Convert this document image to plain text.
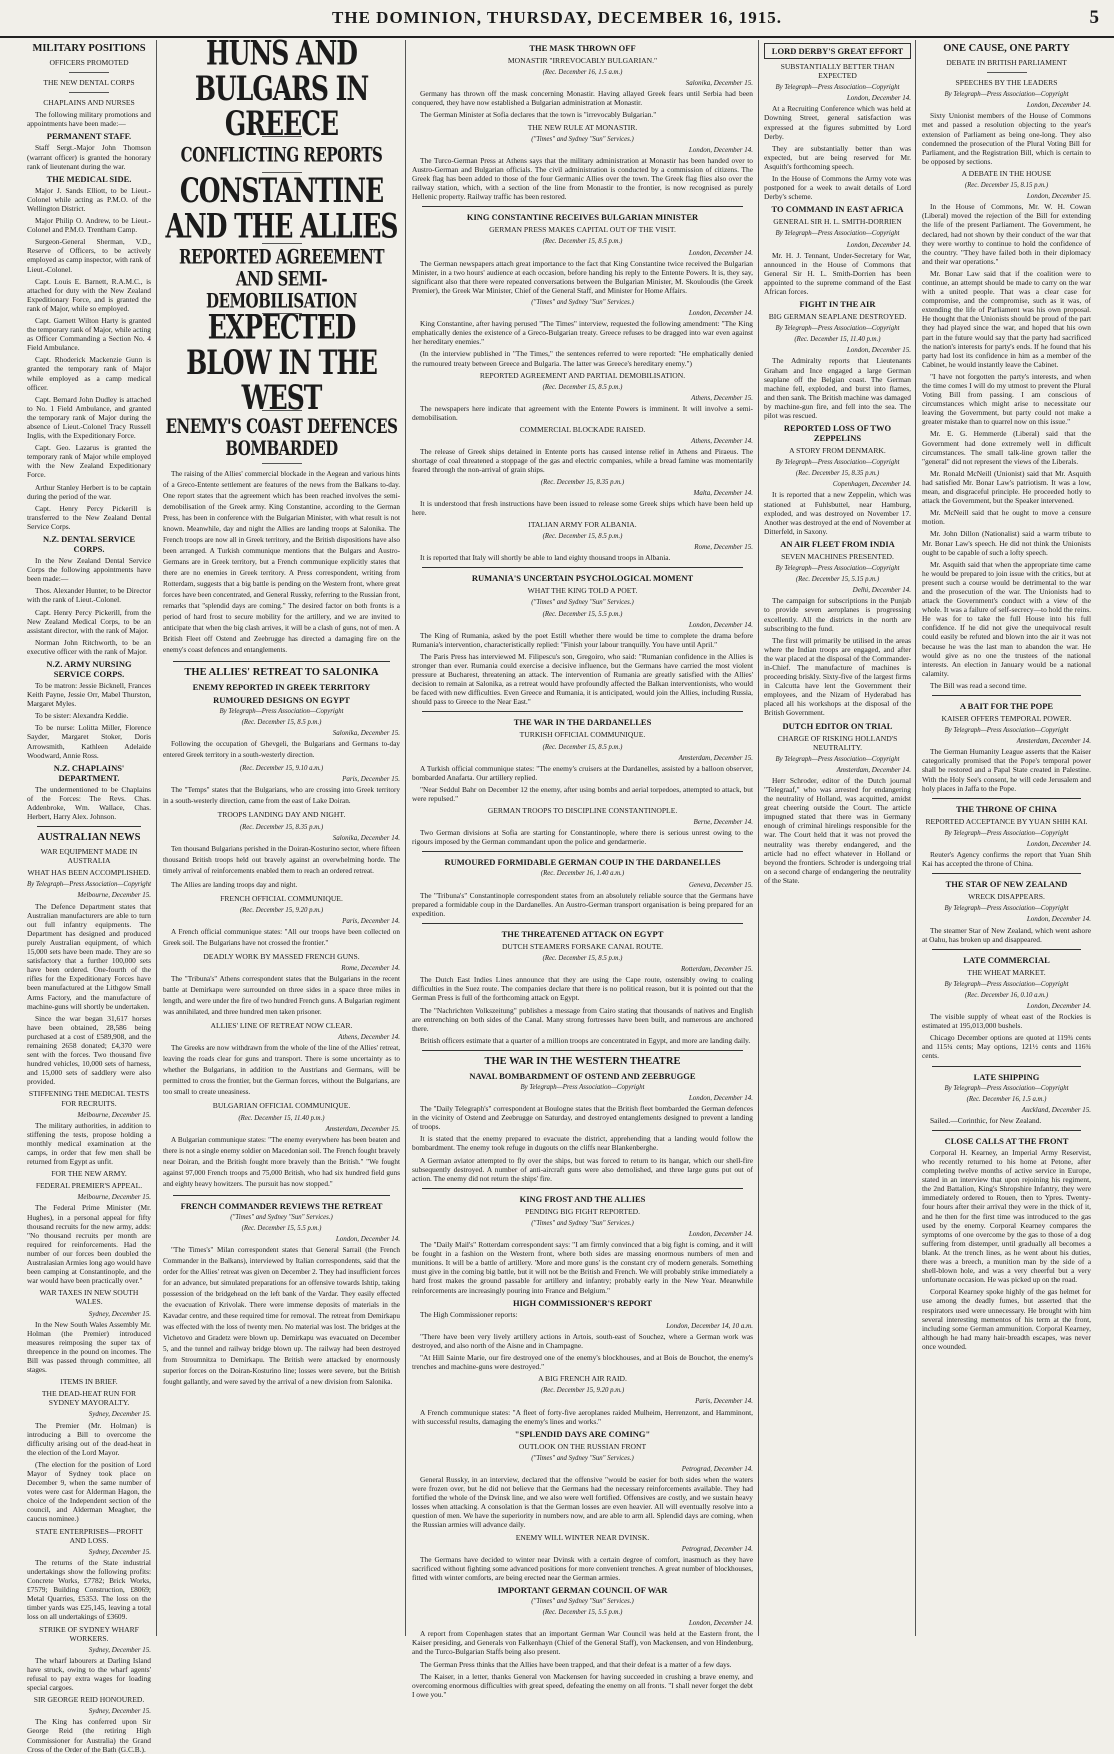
THE DOMINION, THURSDAY, DECEMBER 16, 1915.	5
MILITARY POSITIONS
OFFICERS PROMOTED
THE NEW DENTAL CORPS
CHAPLAINS AND NURSES

The following military promotions and appointments have been made:—

PERMANENT STAFF.

Staff Sergt.-Major John Thomson (warrant officer) is granted the honorary rank of lieutenant during the war.

THE MEDICAL SIDE.

Major J. Sands Elliott, to be Lieut.-Colonel while acting as P.M.O. of the Wellington District.

Major Philip O. Andrew, to be Lieut.-Colonel and P.M.O. Trentham Camp.

Surgeon-General Sherman, V.D., Reserve of Officers, to be actively employed as camp inspector, with rank of Lieut.-Colonel.

Capt. Louis E. Barnett, R.A.M.C., is attached for duty with the New Zealand Expeditionary Force, and is granted the rank of Major, while so employed.

Capt. Garnett Wilton Harty is granted the temporary rank of Major, while acting as Officer Commanding a Section No. 4 Field Ambulance.

Capt. Rhoderick Mackenzie Gunn is granted the temporary rank of Major while employed as a camp medical officer.

Capt. Bernard John Dudley is attached to No. 1 Field Ambulance, and granted the temporary rank of Major during the absence of Lieut.-Colonel Tracy Russell Inglis, with the Expeditionary Force.

Capt. Geo. Lazarus is granted the temporary rank of Major while employed with the New Zealand Expeditionary Force.

Arthur Stanley Herbert is to be captain during the period of the war.

Capt. Henry Percy Pickerill is transferred to the New Zealand Dental Service Corps.

N.Z. DENTAL SERVICE CORPS.

In the New Zealand Dental Service Corps the following appointments have been made:—

Thos. Alexander Hunter, to be Director with the rank of Lieut.-Colonel.

Capt. Henry Percy Pickerill, from the New Zealand Medical Corps, to be an assistant director, with the rank of Major.

Norman John Ritchworth, to be an executive officer with the rank of Major.

N.Z. ARMY NURSING SERVICE CORPS.

To be matron: Jessie Bicknell, Frances Keith Payne, Jessie Orr, Mabel Thurston, Margaret Myles.

To be sister: Alexandra Keddie.

To be nurse: Lolitta Miller, Florence Sayder, Margaret Stoker, Doris Arrowsmith, Kathleen Adelaide Woodward, Annie Ross.

N.Z. CHAPLAINS' DEPARTMENT.

The undermentioned to be Chaplains of the Forces: The Revs. Chas. Addenbroke, Wm. Wallace, Chas. Herbert, Harry Alex. Johnson.

AUSTRALIAN NEWS
WAR EQUIPMENT MADE IN AUSTRALIA
WHAT HAS BEEN ACCOMPLISHED.
By Telegraph—Press Association—Copyright
Melbourne, December 15.

The Defence Department states that Australian manufacturers are able to turn out full infantry equipments. The Department has designed and produced purely Australian equipment, of which 15,000 sets have been made. They are so satisfactory that a further 100,000 sets have been ordered. One-fourth of the rifles for the Expeditionary Forces have been manufactured at the Lithgow Small Arms Factory, and the manufacture of machine-guns will shortly be undertaken.

Since the war began 31,617 horses have been obtained, 28,586 being purchased at a cost of £589,908, and the remaining 2658 donated; £4,370 were sent with the forces. Two thousand five hundred vehicles, 10,000 sets of harness, and 15,000 sets of saddlery were also provided.

STIFFENING THE MEDICAL TESTS FOR RECRUITS.
Melbourne, December 15.

The military authorities, in addition to stiffening the tests, propose holding a monthly medical examination at the camps, in order that few men shall be returned from Egypt as unfit.

FOR THE NEW ARMY.
FEDERAL PREMIER'S APPEAL.
Melbourne, December 15.

The Federal Prime Minister (Mr. Hughes), in a personal appeal for fifty thousand recruits for the new army, adds: "No thousand recruits per month are required for reinforcements. Had the number of our forces been doubled the Australasian Armies long ago would have been camping at Constantinople, and the war would have been practically over."

WAR TAXES IN NEW SOUTH WALES.
Sydney, December 15.

In the New South Wales Assembly Mr. Holman (the Premier) introduced measures reimposing the super tax of threepence in the pound on incomes. The Bill was passed through committee, all stages.

ITEMS IN BRIEF.
THE DEAD-HEAT RUN FOR SYDNEY MAYORALTY.
Sydney, December 15.

The Premier (Mr. Holman) is introducing a Bill to overcome the difficulty arising out of the dead-heat in the election of the Lord Mayor.

(The election for the position of Lord Mayor of Sydney took place on December 9, when the same number of votes were cast for Alderman Hagon, the choice of the Independent section of the council, and Alderman Meagher, the caucus nominee.)

STATE ENTERPRISES—PROFIT AND LOSS.
Sydney, December 15.

The returns of the State industrial undertakings show the following profits: Concrete Works, £7782; Brick Works, £7579; Building Construction, £8069; Metal Quarries, £5353. The loss on the timber yards was £25,145, leaving a total loss on all undertakings of £3609.

STRIKE OF SYDNEY WHARF WORKERS.
Sydney, December 15.

The wharf labourers at Darling Island have struck, owing to the wharf agents' refusal to pay extra wages for loading special cargoes.

SIR GEORGE REID HONOURED.
Sydney, December 15.

The King has conferred upon Sir George Reid (the retiring High Commissioner for Australia) the Grand Cross of the Order of the Bath (G.C.B.).

HUNS AND BULGARS IN GREECE
CONFLICTING REPORTS
CONSTANTINE AND THE ALLIES
REPORTED AGREEMENT AND SEMI-DEMOBILISATION
EXPECTED BLOW IN THE WEST
ENEMY'S COAST DEFENCES BOMBARDED

The raising of the Allies' commercial blockade in the Aegean and various hints of a Greco-Entente settlement are features of the news from the Balkans to-day. One report states that the agreement which has been reached involves the semi-demobilisation of the Greek army. King Constantine, according to the German Press, has been in conference with the Bulgarian Minister, with what result is not known. Meanwhile, day and night the Allies are landing troops at Salonika. The French troops are now all in Greek territory, and the British dispositions have also been arranged. A Turkish communique mentions that the Bulgars and Austro-Germans are in Greek territory, but a French communique explicitly states that there are no enemies in Greek territory. A Press correspondent, writing from Rotterdam, suggests that a big battle is pending on the Western front, where great forces have been concentrated, and General Russky, referring to the Russian front, remarks that "splendid days are coming." The desired factor on both fronts is a period of hard frost to secure mobility for the artillery, and we are invited to anticipate that when the big clash arrives, it will be a clash of guns, not of men. A British Fleet off Ostend and Zeebrugge has directed a damaging fire on the enemy's coast defences and entanglements.

THE ALLIES' RETREAT TO SALONIKA
ENEMY REPORTED IN GREEK TERRITORY
RUMOURED DESIGNS ON EGYPT
By Telegraph—Press Association—Copyright
(Rec. December 15, 8.5 p.m.)
Salonika, December 15.

Following the occupation of Ghevgeli, the Bulgarians and Germans to-day entered Greek territory in a south-westerly direction.

(Rec. December 15, 9.10 a.m.)
Paris, December 15.

The "Temps" states that the Bulgarians, who are crossing into Greek territory in a south-westerly direction, came from the east of Lake Doiran.

TROOPS LANDING DAY AND NIGHT.
(Rec. December 15, 8.35 p.m.)
Salonika, December 14.

Ten thousand Bulgarians perished in the Doiran-Kosturino sector, where fifteen thousand British troops held out bravely against an overwhelming horde. The timely arrival of reinforcements enabled them to reach an ordered retreat.

The Allies are landing troops day and night.

FRENCH OFFICIAL COMMUNIQUE.
(Rec. December 15, 9.20 p.m.)
Paris, December 14.

A French official communique states: "All our troops have been collected on Greek soil. The Bulgarians have not crossed the frontier."

DEADLY WORK BY MASSED FRENCH GUNS.
Rome, December 14.

The "Tribuna's" Athens correspondent states that the Bulgarians in the recent battle at Demirkapu were surrounded on three sides in a space three miles in length, and were under the fire of two hundred French guns. A Bulgarian regiment was annihilated, and three hundred men taken prisoner.

ALLIES' LINE OF RETREAT NOW CLEAR.
Athens, December 14.

The Greeks are now withdrawn from the whole of the line of the Allies' retreat, leaving the roads clear for guns and transport. There is some uncertainty as to whether the Bulgarians, in addition to the Austrians and Germans, will be permitted to cross the frontier, but the German forces, without the Bulgarians, are too small to create uneasiness.

BULGARIAN OFFICIAL COMMUNIQUE.
(Rec. December 15, 11.40 p.m.)
Amsterdam, December 15.

A Bulgarian communique states: "The enemy everywhere has been beaten and there is not a single enemy soldier on Macedonian soil. The French fought bravely near Doiran, and the British fought more bravely than the British." "We fought against 97,000 French troops and 75,000 British, who had six hundred field guns and eighty heavy howitzers. The pursuit has now stopped."

FRENCH COMMANDER REVIEWS THE RETREAT
("Times" and Sydney "Sun" Services.)
(Rec. December 15, 5.5 p.m.)
London, December 14.

"The Times's" Milan correspondent states that General Sarrail (the French Commander in the Balkans), interviewed by Italian correspondents, said that the order for the Allies' retreat was given on December 2. They had insufficient forces for an advance, but simulated preparations for an offensive towards Ishtip, taking possession of the bridgehead on the left bank of the Vardar. They easily effected the evacuation of Krivolak. There were immense deposits of materials in the Kavadar centre, and these required time for removal. The retreat from Demirkapu was effected with the loss of twenty men. No material was lost. The bridges at the Vichetovo and Gradetz were blown up. Demirkapu was evacuated on December 5, and the tunnel and railway bridge blown up. The railway had been destroyed from Stroumnitza to Demirkapu. The British were attacked by enormously superior forces on the Doiran-Kosturino line; losses were severe, but the British fought gallantly, and were saved by the arrival of a new division from Salonika.

THE MASK THROWN OFF
MONASTIR "IRREVOCABLY BULGARIAN."
(Rec. December 16, 1.5 a.m.)
Salonika, December 15.

Germany has thrown off the mask concerning Monastir. Having allayed Greek fears until Serbia had been conquered, they have now established a Bulgarian administration at Monastir.

The German Minister at Sofia declares that the town is "irrevocably Bulgarian."

THE NEW RULE AT MONASTIR.
("Times" and Sydney "Sun" Services.)
London, December 14.

The Turco-German Press at Athens says that the military administration at Monastir has been handed over to Austro-German and Bulgarian officials. The civil administration is conducted by a commission of citizens. The Greek flag has been added to those of the four Germanic Allies over the town. The Greek flag flies also over the railway station, which, with a section of the line from Monastir to the frontier, is now recognised as purely Hellenic property. Railway traffic has been restored.

KING CONSTANTINE RECEIVES BULGARIAN MINISTER
GERMAN PRESS MAKES CAPITAL OUT OF THE VISIT.
(Rec. December 15, 8.5 p.m.)
London, December 14.

The German newspapers attach great importance to the fact that King Constantine twice received the Bulgarian Minister, in a two hours' audience at each occasion, before handing his reply to the Entente Powers. It is, they say, significant also that there were repeated conversations between the Bulgarian Minister, M. Skouloudis (the Greek Premier), the Greek War Minister, Chief of the General Staff, and Minister for Home Affairs.

("Times" and Sydney "Sun" Services.)
London, December 14.

King Constantine, after having perused "The Times" interview, requested the following amendment: "The King emphatically denies the existence of a Greco-Bulgarian treaty. Greece refuses to be dragged into war even against her hereditary enemies."

(In the interview published in "The Times," the sentences referred to were reported: "He emphatically denied the rumoured treaty between Greece and Bulgaria. The latter was Greece's hereditary enemy.")

REPORTED AGREEMENT AND PARTIAL DEMOBILISATION.
(Rec. December 15, 8.5 p.m.)
Athens, December 15.

The newspapers here indicate that agreement with the Entente Powers is imminent. It will involve a semi-demobilisation.

COMMERCIAL BLOCKADE RAISED.
Athens, December 14.

The release of Greek ships detained in Entente ports has caused intense relief in Athens and Piraeus. The shortage of coal threatened a stoppage of the gas and electric companies, while a bread famine was momentarily feared through the non-arrival of grain ships.

(Rec. December 15, 8.35 p.m.)
Malta, December 14.

It is understood that fresh instructions have been issued to release some Greek ships which have been held up here.

ITALIAN ARMY FOR ALBANIA.
(Rec. December 15, 8.5 p.m.)
Rome, December 15.

It is reported that Italy will shortly be able to land eighty thousand troops in Albania.

RUMANIA'S UNCERTAIN PSYCHOLOGICAL MOMENT
WHAT THE KING TOLD A POET.
("Times" and Sydney "Sun" Services.)
(Rec. December 15, 5.5 p.m.)
London, December 14.

The King of Rumania, asked by the poet Estill whether there would be time to complete the drama before Rumania's intervention, characteristically replied: "Finish your labour tranquilly. You have until April."

The Paris Press has interviewed M. Filipescu's son, Gregoiro, who said: "Rumanian confidence in the Allies is stronger than ever. Rumania could exercise a decisive influence, but the Germans have carried the most violent pressure at Bucharest, threatening an attack. The intervention of Rumania are greatly satisfied with the Allies' decision to remain at Salonika, as a retreat would have profoundly affected the Balkan interventionists, who would be faced with new difficulties. Even Greece and Rumania, it is anticipated, would join the Allies, including Russia, should pass to Greece to the Near East."

THE WAR IN THE DARDANELLES
TURKISH OFFICIAL COMMUNIQUE.
(Rec. December 15, 8.5 p.m.)
Amsterdam, December 15.

A Turkish official communique states: "The enemy's cruisers at the Dardanelles, assisted by a balloon observer, bombarded Anafarta. Our artillery replied.

"Near Seddul Bahr on December 12 the enemy, after using bombs and aerial torpedoes, attempted to attack, but were repulsed."

GERMAN TROOPS TO DISCIPLINE CONSTANTINOPLE.
Berne, December 14.

Two German divisions at Sofia are starting for Constantinople, where there is serious unrest owing to the rigours imposed by the German commandant upon the police and gendarmerie.

RUMOURED FORMIDABLE GERMAN COUP IN THE DARDANELLES
(Rec. December 16, 1.40 a.m.)
Geneva, December 15.

The "Tribuna's" Constantinople correspondent states from an absolutely reliable source that the Germans have prepared a formidable coup in the Dardanelles. An Austro-German transport organisation is being prepared for an expedition.

THE THREATENED ATTACK ON EGYPT
DUTCH STEAMERS FORSAKE CANAL ROUTE.
(Rec. December 15, 8.5 p.m.)
Rotterdam, December 15.

The Dutch East Indies Lines announce that they are using the Cape route, ostensibly owing to coaling difficulties in the Suez route. The companies declare that there is no political reason, but it is pointed out that the German Press is full of the forthcoming attack on Egypt.

The "Nachrichten Volkszeitung" publishes a message from Cairo stating that thousands of natives and English are entrenching on both sides of the Canal. Many strong fortresses have been built, and numerous are anchored there.

British officers estimate that a quarter of a million troops are concentrated in Egypt, and more are landing daily.

THE WAR IN THE WESTERN THEATRE
NAVAL BOMBARDMENT OF OSTEND AND ZEEBRUGGE
By Telegraph—Press Association—Copyright
London, December 14.

The "Daily Telegraph's" correspondent at Boulogne states that the British fleet bombarded the German defences in the vicinity of Ostend and Zeebrugge on Saturday, and destroyed entanglements designed to prevent a landing of troops.

It is stated that the enemy prepared to evacuate the district, apprehending that a landing would follow the bombardment. The enemy took refuge in dugouts on the cliffs near Blankenberghe.

A German aviator attempted to fly over the ships, but was forced to return to its hangar, which our shell-fire subsequently destroyed. A number of anti-aircraft guns were also demolished, and three large guns put out of action. The enemy did not return the ships' fire.

KING FROST AND THE ALLIES
PENDING BIG FIGHT REPORTED.
("Times" and Sydney "Sun" Services.)
London, December 14.

The "Daily Mail's" Rotterdam correspondent says: "I am firmly convinced that a big fight is coming, and it will be fought in a fashion on the Western front, where both sides are massing enormous numbers of men and munitions. It will be a battle of artillery. 'More and more guns' is the constant cry of modern generals. Something must give in the coming big battle, but it will not be the British and French. We will probably strike immediately a hard frost makes the ground passable for artillery and infantry; probably early in the New Year. Meanwhile reinforcements are increasingly pouring into France and Belgium."

HIGH COMMISSIONER'S REPORT

The High Commissioner reports:

London, December 14, 10 a.m.

"There have been very lively artillery actions in Artois, south-east of Souchez, where a German work was destroyed, and also north of the Aisne and in Champagne.

"At Hill Sainte Marie, our fire destroyed one of the enemy's blockhouses, and at Bois de Bouchot, the enemy's trenches and machine-guns were destroyed."

A BIG FRENCH AIR RAID.
(Rec. December 15, 9.20 p.m.)
Paris, December 14.

A French communique states: "A fleet of forty-five aeroplanes raided Mulheim, Herrenzont, and Hamminont, with successful results, damaging the enemy's lines and works."

"SPLENDID DAYS ARE COMING"
OUTLOOK ON THE RUSSIAN FRONT
("Times" and Sydney "Sun" Services.)
Petrograd, December 14.

General Russky, in an interview, declared that the offensive "would be easier for both sides when the waters were frozen over, but he did not believe that the Germans had the necessary reinforcements available. They had fortified the whole of the Dvinsk line, and we also were well fortified. Offensives are costly, and we sustain heavy losses when attacking. A consolation is that the German losses are even heavier. All will eventually resolve into a question of men. We have the superiority in numbers now, and are able to arm all. Splendid days are coming, when the Russian armies will advance daily.

ENEMY WILL WINTER NEAR DVINSK.
Petrograd, December 14.

The Germans have decided to winter near Dvinsk with a certain degree of comfort, inasmuch as they have sacrificed without fighting some advanced positions for more convenient trenches. A great number of blockhouses, fitted with winter comforts, are being erected near the German armies.

IMPORTANT GERMAN COUNCIL OF WAR
("Times" and Sydney "Sun" Services.)
(Rec. December 15, 5.5 p.m.)
London, December 14.

A report from Copenhagen states that an important German War Council was held at the Eastern front, the Kaiser presiding, and Generals von Falkenhayn (Chief of the General Staff), von Mackensen, and von Hindenburg, and the Turco-Bulgarian Staffs being also present.

The German Press thinks that the Allies have been trapped, and that their defeat is a matter of a few days.

The Kaiser, in a letter, thanks General von Mackensen for having succeeded in crushing a brave enemy, and overcoming enormous difficulties with great speed, defeating the enemy on all fronts. "I shall never forget the debt I owe you."

LORD DERBY'S GREAT EFFORT
SUBSTANTIALLY BETTER THAN EXPECTED
By Telegraph—Press Association—Copyright
London, December 14.

At a Recruiting Conference which was held at Downing Street, general satisfaction was expressed at the figures submitted by Lord Derby.

They are substantially better than was expected, but are being reserved for Mr. Asquith's forthcoming speech.

In the House of Commons the Army vote was postponed for a week to await details of Lord Derby's scheme.

TO COMMAND IN EAST AFRICA
GENERAL SIR H. L. SMITH-DORRIEN
By Telegraph—Press Association—Copyright
London, December 14.

Mr. H. J. Tennant, Under-Secretary for War, announced in the House of Commons that General Sir H. L. Smith-Dorrien has been appointed to the supreme command of the East African forces.

FIGHT IN THE AIR
BIG GERMAN SEAPLANE DESTROYED.
By Telegraph—Press Association—Copyright
(Rec. December 15, 11.40 p.m.)
London, December 15.

The Admiralty reports that Lieutenants Graham and Ince engaged a large German seaplane off the Belgian coast. The German machine fell, exploded, and burst into flames, and then sank. The British machine was damaged by machine-gun fire, and fell into the sea. The pilot was rescued.

REPORTED LOSS OF TWO ZEPPELINS
A STORY FROM DENMARK.
By Telegraph—Press Association—Copyright
(Rec. December 15, 8.35 p.m.)
Copenhagen, December 14.

It is reported that a new Zeppelin, which was stationed at Fuhlsbuttel, near Hamburg, exploded, and was destroyed on November 17. Another was destroyed at the end of November at Ditterfeld, in Saxony.

AN AIR FLEET FROM INDIA
SEVEN MACHINES PRESENTED.
By Telegraph—Press Association—Copyright
(Rec. December 15, 5.15 p.m.)
Delhi, December 14.

The campaign for subscriptions in the Punjab to provide seven aeroplanes is progressing excellently. All the districts in the north are subscribing to the fund.

The first will primarily be utilised in the areas where the Indian troops are engaged, and after the war placed at the disposal of the Commander-in-Chief. The manufacture of machines is proceeding briskly. Sixty-five of the largest firms in Calcutta have lent the Government their employees, and the Nizam of Hyderabad has placed all his workshops at the disposal of the British Government.

DUTCH EDITOR ON TRIAL
CHARGE OF RISKING HOLLAND'S NEUTRALITY.
By Telegraph—Press Association—Copyright
Amsterdam, December 14.

Herr Schroder, editor of the Dutch journal "Telegraaf," who was arrested for endangering the neutrality of Holland, was acquitted, amidst great cheering outside the Court. The article impugned stated that there was in Germany enough of criminal hirelings responsible for the war. The Court held that it was not proved the neutrality was thereby endangered, and the article had no effect whatever in Holland or beyond the frontiers. Schroder is undergoing trial on a second charge of endangering the neutrality of the State.

ONE CAUSE, ONE PARTY
DEBATE IN BRITISH PARLIAMENT
SPEECHES BY THE LEADERS
By Telegraph—Press Association—Copyright
London, December 14.

Sixty Unionist members of the House of Commons met and passed a resolution objecting to the year's extension of Parliament as being one-long. They also condemned the prosecution of the Plural Voting Bill for Parliament, and the Registration Bill, which is certain to be opposed by sections.

A DEBATE IN THE HOUSE
(Rec. December 15, 8.15 p.m.)
London, December 15.

In the House of Commons, Mr. W. H. Cowan (Liberal) moved the rejection of the Bill for extending the life of the present Parliament. The Government, he declared, had not shown by their conduct of the war that they were worthy to continue to hold the confidence of the country. "They have failed both in their diplomacy and their war operations."

Mr. Bonar Law said that if the coalition were to continue, an attempt should be made to carry on the war with a united people. That was a clear case for compromise, and the compromise, such as it was, of extending the life of Parliament was his own proposal. He thought that the Unionists should be proud of the part they had played since the war, and hoped that his own part in the future would say that the party had sacrificed the nation's interests for party's ends. If he found that his party had lost its confidence in him as a member of the Cabinet, he would instantly leave the Cabinet.

"I have not forgotten the party's interests, and when the time comes I will do my utmost to prevent the Plural Voting Bill from passing. I am conscious of circumstances which might arise to necessitate our leaving the Government, but party could not make a greater mistake than to quarrel now on this issue."

Mr. E. G. Hemmerde (Liberal) said that the Government had done extremely well in difficult circumstances. The small talk-line grown taller the "general" did not represent the views of the Liberals.

Mr. Ronald McNeill (Unionist) said that Mr. Asquith had satisfied Mr. Bonar Law's patriotism. It was a low, mean, and disgraceful principle. He proceeded hotly to attack the Government, but the Speaker intervened.

Mr. McNeill said that he ought to move a censure motion.

Mr. John Dillon (Nationalist) said a warm tribute to Mr. Bonar Law's speech. He did not think the Unionists ought to be capable of such a lofty speech.

Mr. Asquith said that when the appropriate time came he would be prepared to join issue with the critics, but at present such a course would be detrimental to the war and the prosecution of the war. The Unionists had to attack the Government's conduct with a view of the whole. It was a failure of self-secrecy—to hold the reins. He was for to take the full House into his full confidence. If he did not give the unequivocal result could easily be refuted and blown into the air it was not because he was the last man to abandon the war. He would give as no one the trustees of the national interests. An election in January would be a national calamity.

The Bill was read a second time.

A BAIT FOR THE POPE
KAISER OFFERS TEMPORAL POWER.
By Telegraph—Press Association—Copyright
Amsterdam, December 14.

The German Humanity League asserts that the Kaiser categorically promised that the Pope's temporal power shall be restored and a Papal State created in Palestine. With the Holy See's consent, he will cede Jerusalem and holy places in Jaffa to the Pope.

THE THRONE OF CHINA
REPORTED ACCEPTANCE BY YUAN SHIH KAI.
By Telegraph—Press Association—Copyright
London, December 14.

Reuter's Agency confirms the report that Yuan Shih Kai has accepted the throne of China.

THE STAR OF NEW ZEALAND
WRECK DISAPPEARS.
By Telegraph—Press Association—Copyright
London, December 14.

The steamer Star of New Zealand, which went ashore at Oahu, has broken up and disappeared.

LATE COMMERCIAL
THE WHEAT MARKET.
By Telegraph—Press Association—Copyright
(Rec. December 16, 0.10 a.m.)
London, December 14.

The visible supply of wheat east of the Rockies is estimated at 195,013,000 bushels.

Chicago December options are quoted at 119¾ cents and 115¼ cents; May options, 121½ cents and 116¾ cents.

LATE SHIPPING
By Telegraph—Press Association—Copyright
(Rec. December 16, 1.5 a.m.)
Auckland, December 15.

Sailed.—Corinthic, for New Zealand.

CLOSE CALLS AT THE FRONT

Corporal H. Kearney, an Imperial Army Reservist, who recently returned to his home at Petone, after completing twelve months of active service in Europe, stated in an interview that upon rejoining his regiment, the 2nd Battalion, King's Shropshire Infantry, they were immediately ordered to Rouen, then to Ypres. Twenty-four hours after their arrival they were in the thick of it, and he then for the first time was introduced to the gas used by the enemy. Corporal Kearney compares the symptoms of one overcome by the gas to those of a dog suffering from distemper, until gradually all becomes a blank. At the trench lines, as he went about his duties, there was a breech, a munition man by the side of a shell-blown hole, and was a very cheerful but a very unfortunate occasion. He was picked up on the road.

Corporal Kearney spoke highly of the gas helmet for use among the deadly fumes, but asserted that the respirators used were unnecessary. He brought with him several interesting mementos of his term at the front, including some German ammunition. Corporal Kearney, although he had many hair-breadth escapes, was never once wounded.
